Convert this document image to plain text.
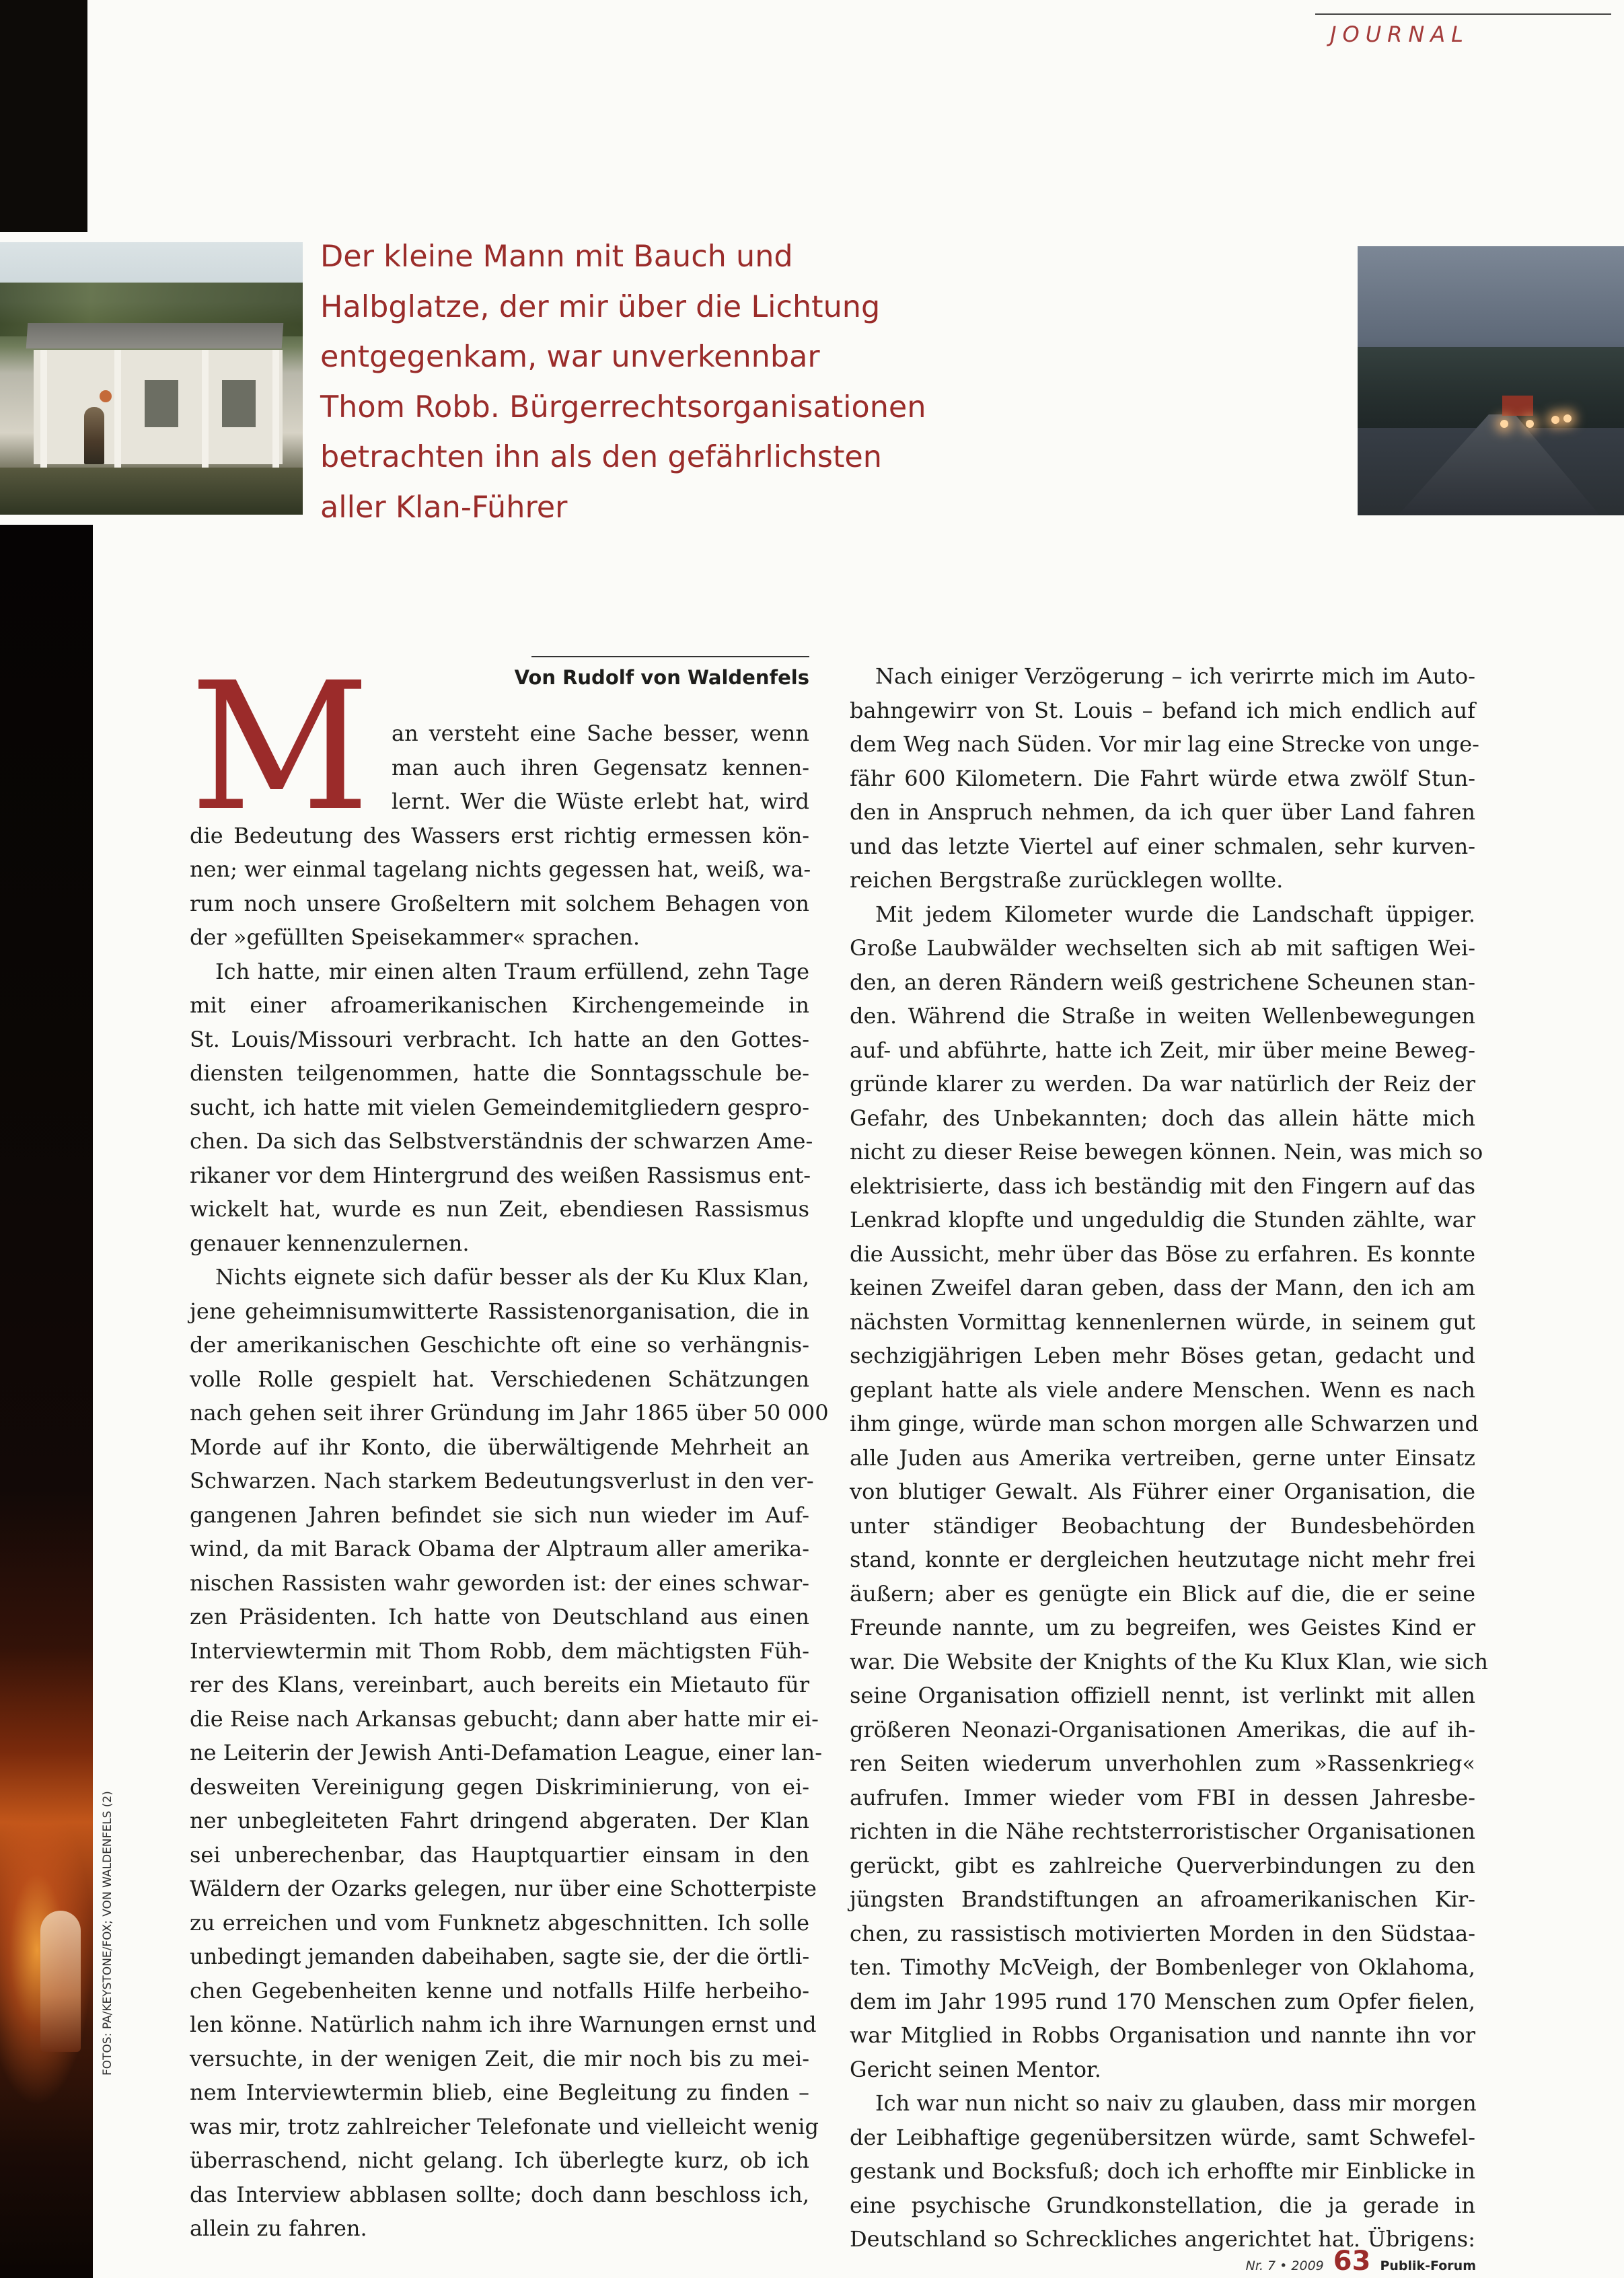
JOURNAL
FOTOS: PA/KEYSTONE/FOX; VON WALDENFELS (2)
Der kleine Mann mit Bauch und
Halbglatze, der mir über die Lichtung
entgegenkam, war unverkennbar
Thom Robb. Bürgerrechtsorganisationen
betrachten ihn als den gefährlichsten
aller Klan-Führer
Von Rudolf von Waldenfels
M an versteht eine Sache besser, wenn
man auch ihren Gegensatz kennen-
lernt. Wer die Wüste erlebt hat, wird
die Bedeutung des Wassers erst richtig ermessen kön-
nen; wer einmal tagelang nichts gegessen hat, weiß, wa-
rum noch unsere Großeltern mit solchem Behagen von
der »gefüllten Speisekammer« sprachen.
Ich hatte, mir einen alten Traum erfüllend, zehn Tage
mit einer afroamerikanischen Kirchengemeinde in
St. Louis/Missouri verbracht. Ich hatte an den Gottes-
diensten teilgenommen, hatte die Sonntagsschule be-
sucht, ich hatte mit vielen Gemeindemitgliedern gespro-
chen. Da sich das Selbstverständnis der schwarzen Ame-
rikaner vor dem Hintergrund des weißen Rassismus ent-
wickelt hat, wurde es nun Zeit, ebendiesen Rassismus
genauer kennenzulernen.
Nichts eignete sich dafür besser als der Ku Klux Klan,
jene geheimnisumwitterte Rassistenorganisation, die in
der amerikanischen Geschichte oft eine so verhängnis-
volle Rolle gespielt hat. Verschiedenen Schätzungen
nach gehen seit ihrer Gründung im Jahr 1865 über 50 000
Morde auf ihr Konto, die überwältigende Mehrheit an
Schwarzen. Nach starkem Bedeutungsverlust in den ver-
gangenen Jahren befindet sie sich nun wieder im Auf-
wind, da mit Barack Obama der Alptraum aller amerika-
nischen Rassisten wahr geworden ist: der eines schwar-
zen Präsidenten. Ich hatte von Deutschland aus einen
Interviewtermin mit Thom Robb, dem mächtigsten Füh-
rer des Klans, vereinbart, auch bereits ein Mietauto für
die Reise nach Arkansas gebucht; dann aber hatte mir ei-
ne Leiterin der Jewish Anti-Defamation League, einer lan-
desweiten Vereinigung gegen Diskriminierung, von ei-
ner unbegleiteten Fahrt dringend abgeraten. Der Klan
sei unberechenbar, das Hauptquartier einsam in den
Wäldern der Ozarks gelegen, nur über eine Schotterpiste
zu erreichen und vom Funknetz abgeschnitten. Ich solle
unbedingt jemanden dabeihaben, sagte sie, der die örtli-
chen Gegebenheiten kenne und notfalls Hilfe herbeiho-
len könne. Natürlich nahm ich ihre Warnungen ernst und
versuchte, in der wenigen Zeit, die mir noch bis zu mei-
nem Interviewtermin blieb, eine Begleitung zu finden –
was mir, trotz zahlreicher Telefonate und vielleicht wenig
überraschend, nicht gelang. Ich überlegte kurz, ob ich
das Interview abblasen sollte; doch dann beschloss ich,
allein zu fahren.
Nach einiger Verzögerung – ich verirrte mich im Auto-
bahngewirr von St. Louis – befand ich mich endlich auf
dem Weg nach Süden. Vor mir lag eine Strecke von unge-
fähr 600 Kilometern. Die Fahrt würde etwa zwölf Stun-
den in Anspruch nehmen, da ich quer über Land fahren
und das letzte Viertel auf einer schmalen, sehr kurven-
reichen Bergstraße zurücklegen wollte.
Mit jedem Kilometer wurde die Landschaft üppiger.
Große Laubwälder wechselten sich ab mit saftigen Wei-
den, an deren Rändern weiß gestrichene Scheunen stan-
den. Während die Straße in weiten Wellenbewegungen
auf- und abführte, hatte ich Zeit, mir über meine Beweg-
gründe klarer zu werden. Da war natürlich der Reiz der
Gefahr, des Unbekannten; doch das allein hätte mich
nicht zu dieser Reise bewegen können. Nein, was mich so
elektrisierte, dass ich beständig mit den Fingern auf das
Lenkrad klopfte und ungeduldig die Stunden zählte, war
die Aussicht, mehr über das Böse zu erfahren. Es konnte
keinen Zweifel daran geben, dass der Mann, den ich am
nächsten Vormittag kennenlernen würde, in seinem gut
sechzigjährigen Leben mehr Böses getan, gedacht und
geplant hatte als viele andere Menschen. Wenn es nach
ihm ginge, würde man schon morgen alle Schwarzen und
alle Juden aus Amerika vertreiben, gerne unter Einsatz
von blutiger Gewalt. Als Führer einer Organisation, die
unter ständiger Beobachtung der Bundesbehörden
stand, konnte er dergleichen heutzutage nicht mehr frei
äußern; aber es genügte ein Blick auf die, die er seine
Freunde nannte, um zu begreifen, wes Geistes Kind er
war. Die Website der Knights of the Ku Klux Klan, wie sich
seine Organisation offiziell nennt, ist verlinkt mit allen
größeren Neonazi-Organisationen Amerikas, die auf ih-
ren Seiten wiederum unverhohlen zum »Rassenkrieg«
aufrufen. Immer wieder vom FBI in dessen Jahresbe-
richten in die Nähe rechtsterroristischer Organisationen
gerückt, gibt es zahlreiche Querverbindungen zu den
jüngsten Brandstiftungen an afroamerikanischen Kir-
chen, zu rassistisch motivierten Morden in den Südstaa-
ten. Timothy McVeigh, der Bombenleger von Oklahoma,
dem im Jahr 1995 rund 170 Menschen zum Opfer fielen,
war Mitglied in Robbs Organisation und nannte ihn vor
Gericht seinen Mentor.
Ich war nun nicht so naiv zu glauben, dass mir morgen
der Leibhaftige gegenübersitzen würde, samt Schwefel-
gestank und Bocksfuß; doch ich erhoffte mir Einblicke in
eine psychische Grundkonstellation, die ja gerade in
Deutschland so Schreckliches angerichtet hat. Übrigens:
Nr. 7 • 2009 63 Publik-Forum
